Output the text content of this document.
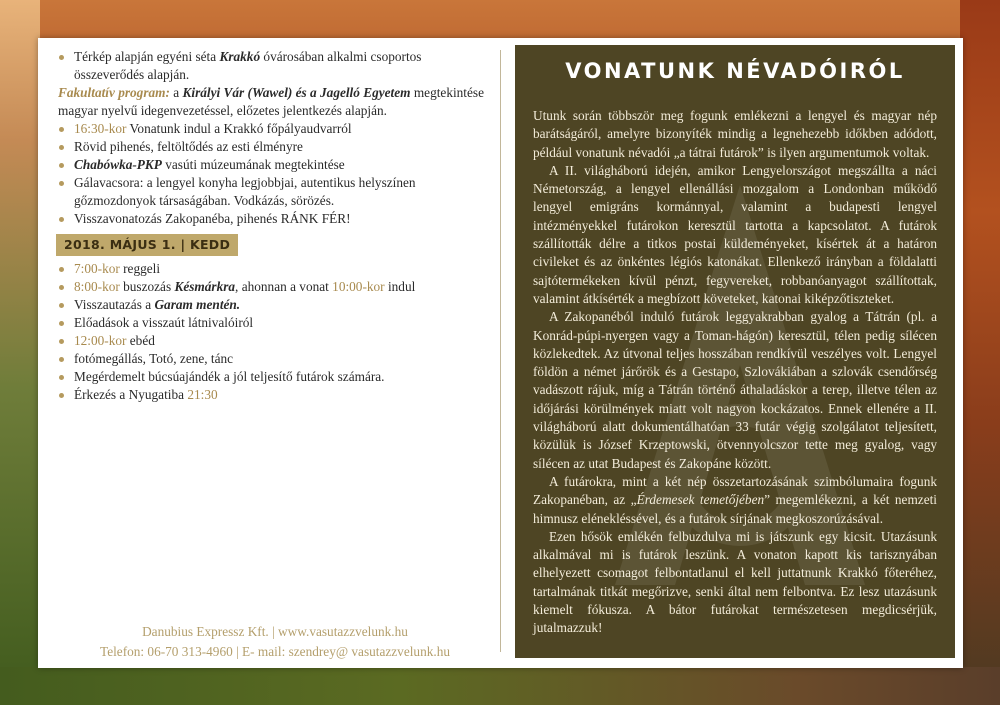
Térkép alapján egyéni séta Krakkó óvárosában alkalmi csoportos összeverődés alapján.
Fakultatív program: a Királyi Vár (Wawel) és a Jagelló Egyetem megtekintése magyar nyelvű idegenvezetéssel, előzetes jelentkezés alapján.
16:30-kor Vonatunk indul a Krakkó főpályaudvarról
Rövid pihenés, feltöltődés az esti élményre
Chabówka-PKP vasúti múzeumának megtekintése
Gálavacsora: a lengyel konyha legjobbjai, autentikus helyszínen gőzmozdonyok társaságában. Vodkázás, sörözés.
Visszavonatozás Zakopanéba, pihenés RÁNK FÉR!
2018. MÁJUS 1. | KEDD
7:00-kor reggeli
8:00-kor buszozás Késmárkra, ahonnan a vonat 10:00-kor indul
Visszautazás a Garam mentén.
Előadások a visszaút látnivalóiról
12:00-kor ebéd
fotómegállás, Totó, zene, tánc
Megérdemelt búcsúajándék a jól teljesítő futárok számára.
Érkezés a Nyugatiba 21:30
Danubius Expressz Kft. | www.vasutazzvelunk.hu
Telefon: 06-70 313-4960 | E- mail: szendrey@ vasutazzvelunk.hu
VONATUNK NÉVADÓIRÓL

Utunk során többször meg fogunk emlékezni a lengyel és magyar nép barátságáról, amelyre bizonyíték mindig a legnehezebb időkben adódott, például vonatunk névadói „a tátrai futárok” is ilyen argumentumok voltak.

A II. világháború idején, amikor Lengyelországot megszállta a náci Németország, a lengyel ellenállási mozgalom a Londonban működő lengyel emigráns kormánnyal, valamint a budapesti lengyel intézményekkel futárokon keresztül tartotta a kapcsolatot. A futárok szállították délre a titkos postai küldeményeket, kísértek át a határon civileket és az önkéntes légiós katonákat. Ellenkező irányban a földalatti sajtótermékeken kívül pénzt, fegyvereket, robbanóanyagot szállítottak, valamint átkísérték a megbízott követeket, katonai kiképzőtiszteket.

A Zakopanéból induló futárok leggyakrabban gyalog a Tátrán (pl. a Konrád-púpi-nyergen vagy a Toman-hágón) keresztül, télen pedig sílécen közlekedtek. Az útvonal teljes hosszában rendkívül veszélyes volt. Lengyel földön a német járőrök és a Gestapo, Szlovákiában a szlovák csendőrség vadászott rájuk, míg a Tátrán történő áthaladáskor a terep, illetve télen az időjárási körülmények miatt volt nagyon kockázatos. Ennek ellenére a II. világháború alatt dokumentálhatóan 33 futár végig szolgálatot teljesített, közülük is József Krzeptowski, ötvennyolcszor tette meg gyalog, vagy sílécen az utat Budapest és Zakopáne között.

A futárokra, mint a két nép összetartozásának szimbólumaira fogunk Zakopanéban, az „Érdemesek temetőjében” megemlékezni, a két nemzeti himnusz elénekléssével, és a futárok sírjának megkoszorúzásával.

Ezen hősök emlékén felbuzdulva mi is játszunk egy kicsit. Utazásunk alkalmával mi is futárok leszünk. A vonaton kapott kis tarisznyában elhelyezett csomagot felbontatlanul el kell juttatnunk Krakkó főteréhez, tartalmának titkát megőrizve, senki által nem felbontva. Ez lesz utazásunk kiemelt fókusza. A bátor futárokat természetesen megdicsérjük, jutalmazzuk!
